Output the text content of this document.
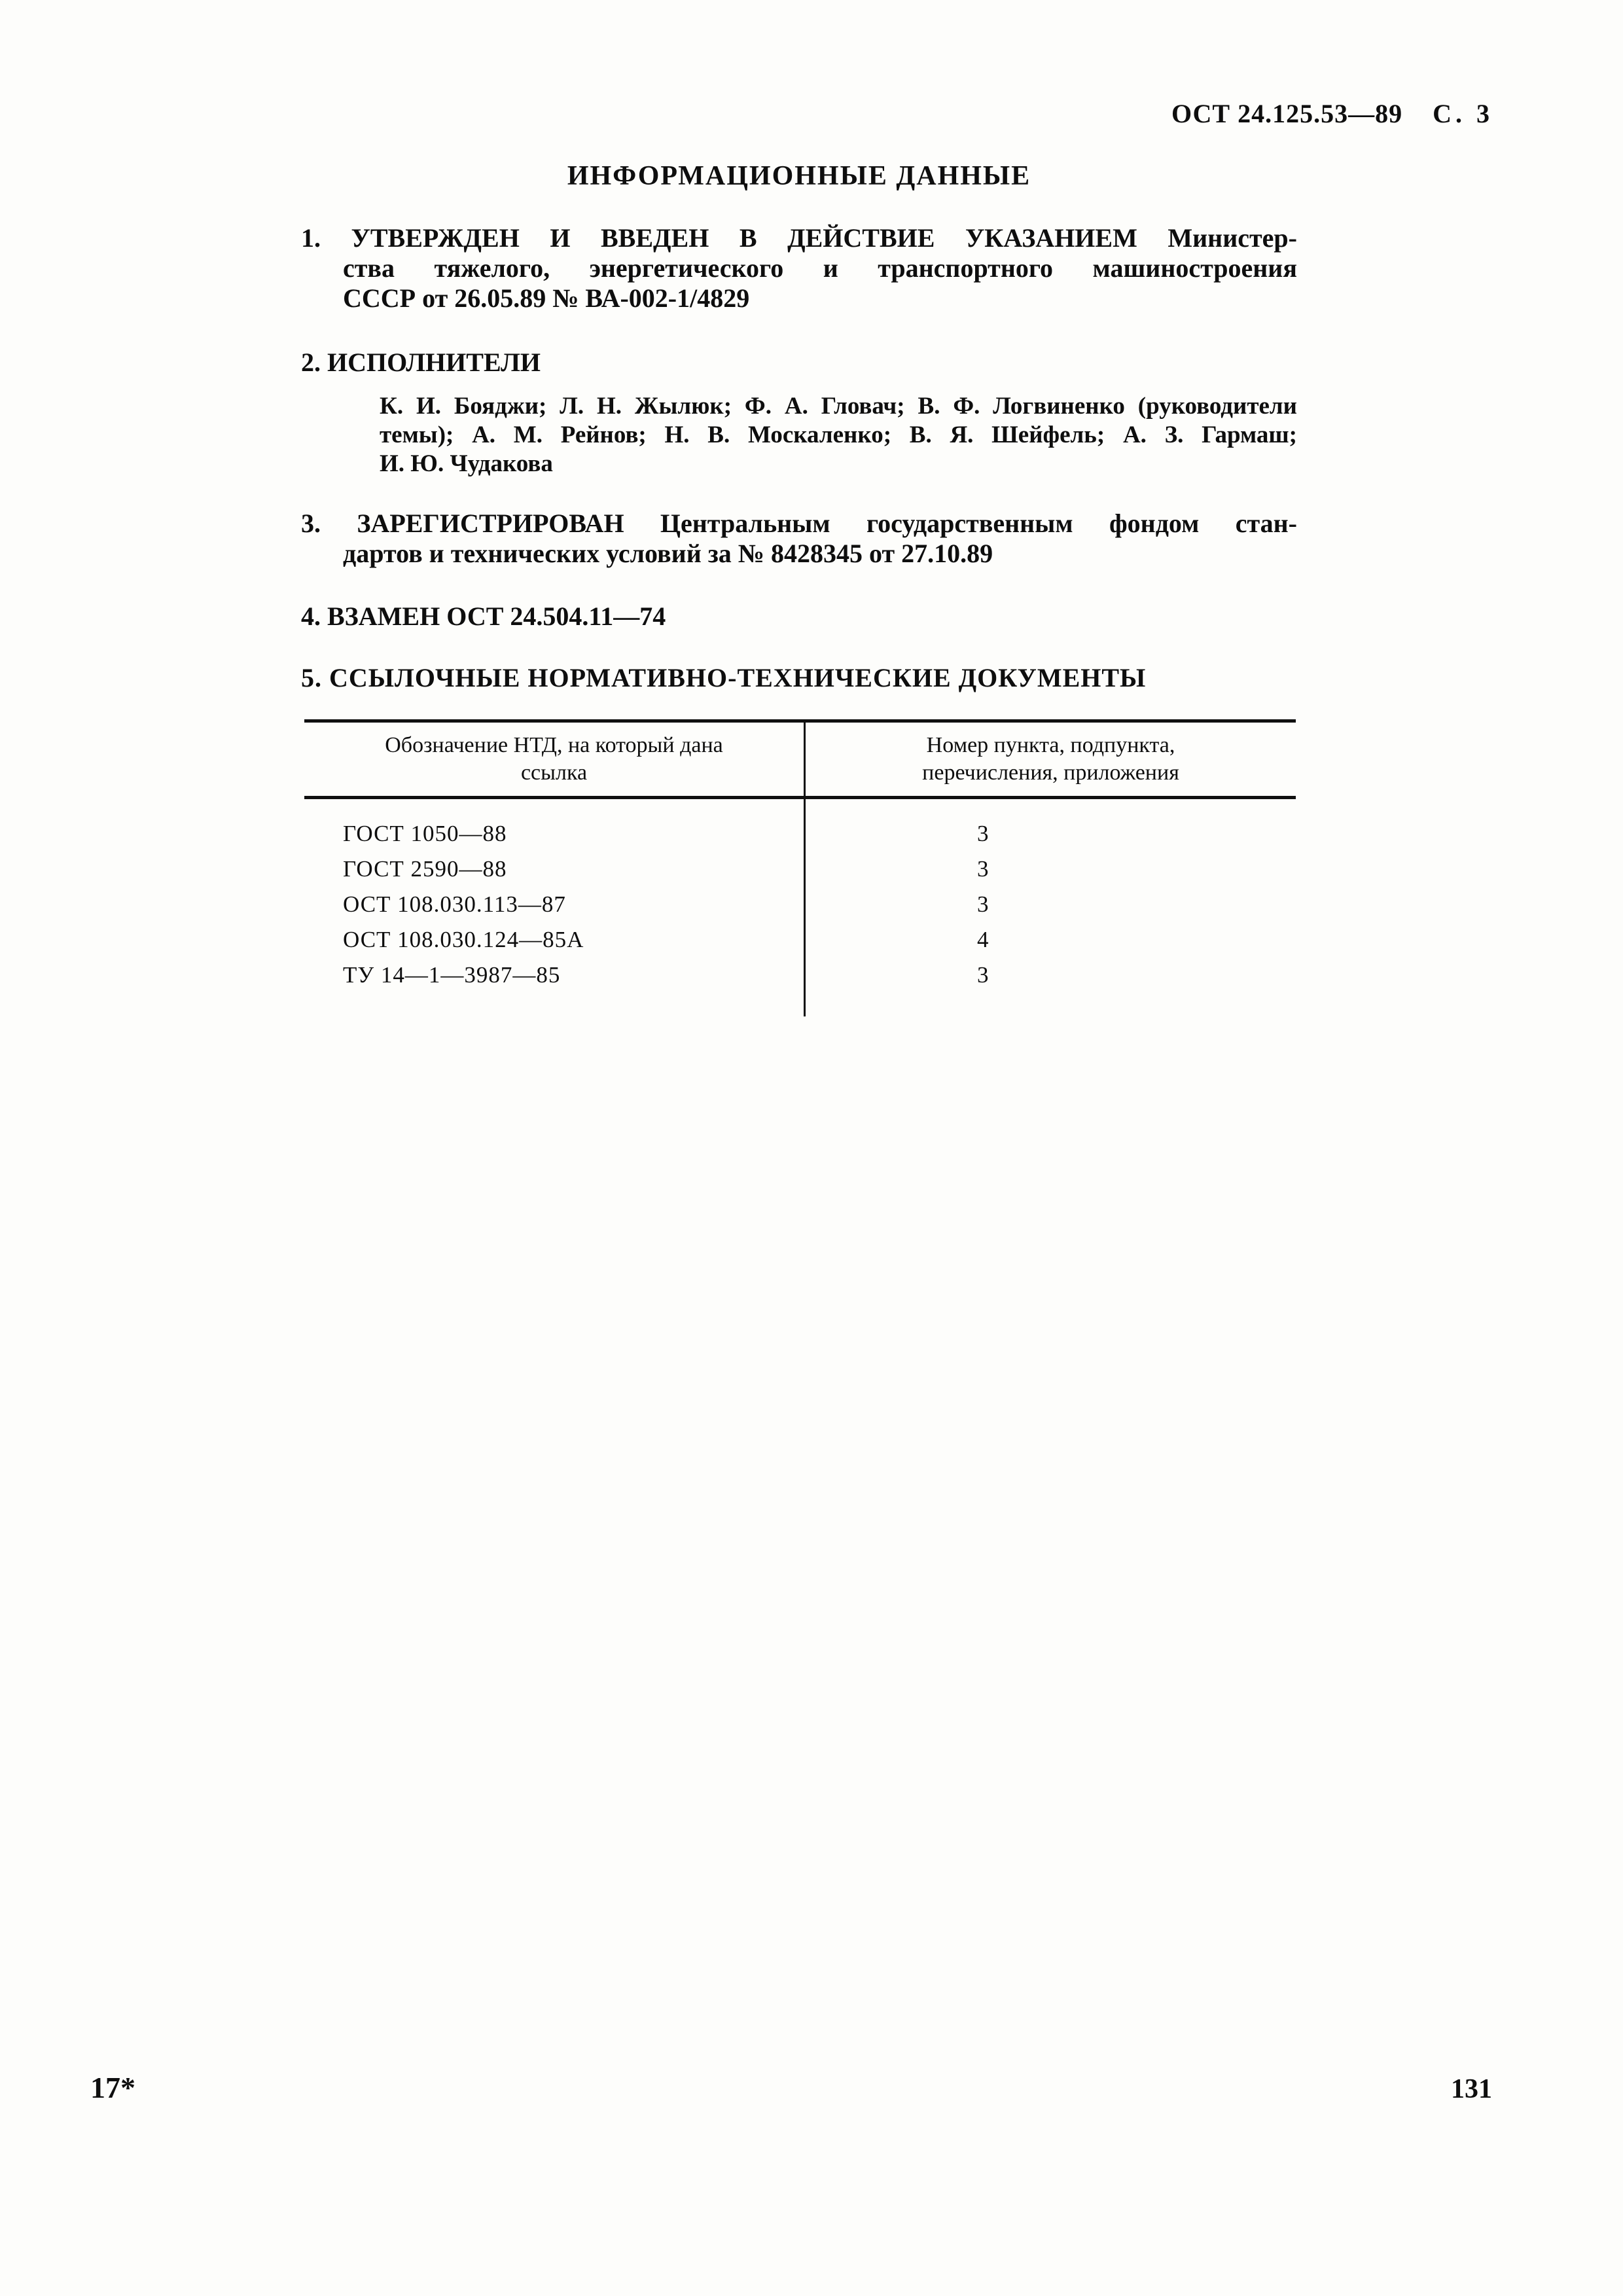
ОСТ 24.125.53—89 С. 3
ИНФОРМАЦИОННЫЕ ДАННЫЕ
1. УТВЕРЖДЕН И ВВЕДЕН В ДЕЙСТВИЕ УКАЗАНИЕМ Министер-
ства тяжелого, энергетического и транспортного машиностроения
СССР от 26.05.89 № ВА-002-1/4829
2. ИСПОЛНИТЕЛИ
К. И. Бояджи; Л. Н. Жылюк; Ф. А. Гловач; В. Ф. Логвиненко (руководители
темы); А. М. Рейнов; Н. В. Москаленко; В. Я. Шейфель; А. З. Гармаш;
И. Ю. Чудакова
3. ЗАРЕГИСТРИРОВАН Центральным государственным фондом стан-
дартов и технических условий за № 8428345 от 27.10.89
4. ВЗАМЕН ОСТ 24.504.11—74
5. ССЫЛОЧНЫЕ НОРМАТИВНО-ТЕХНИЧЕСКИЕ ДОКУМЕНТЫ
Обозначение НТД, на который дана ссылка
Номер пункта, подпункта, перечисления, приложения
ГОСТ 1050—88	3
ГОСТ 2590—88	3
ОСТ 108.030.113—87	3
ОСТ 108.030.124—85А	4
ТУ 14—1—3987—85	3
17*	131
